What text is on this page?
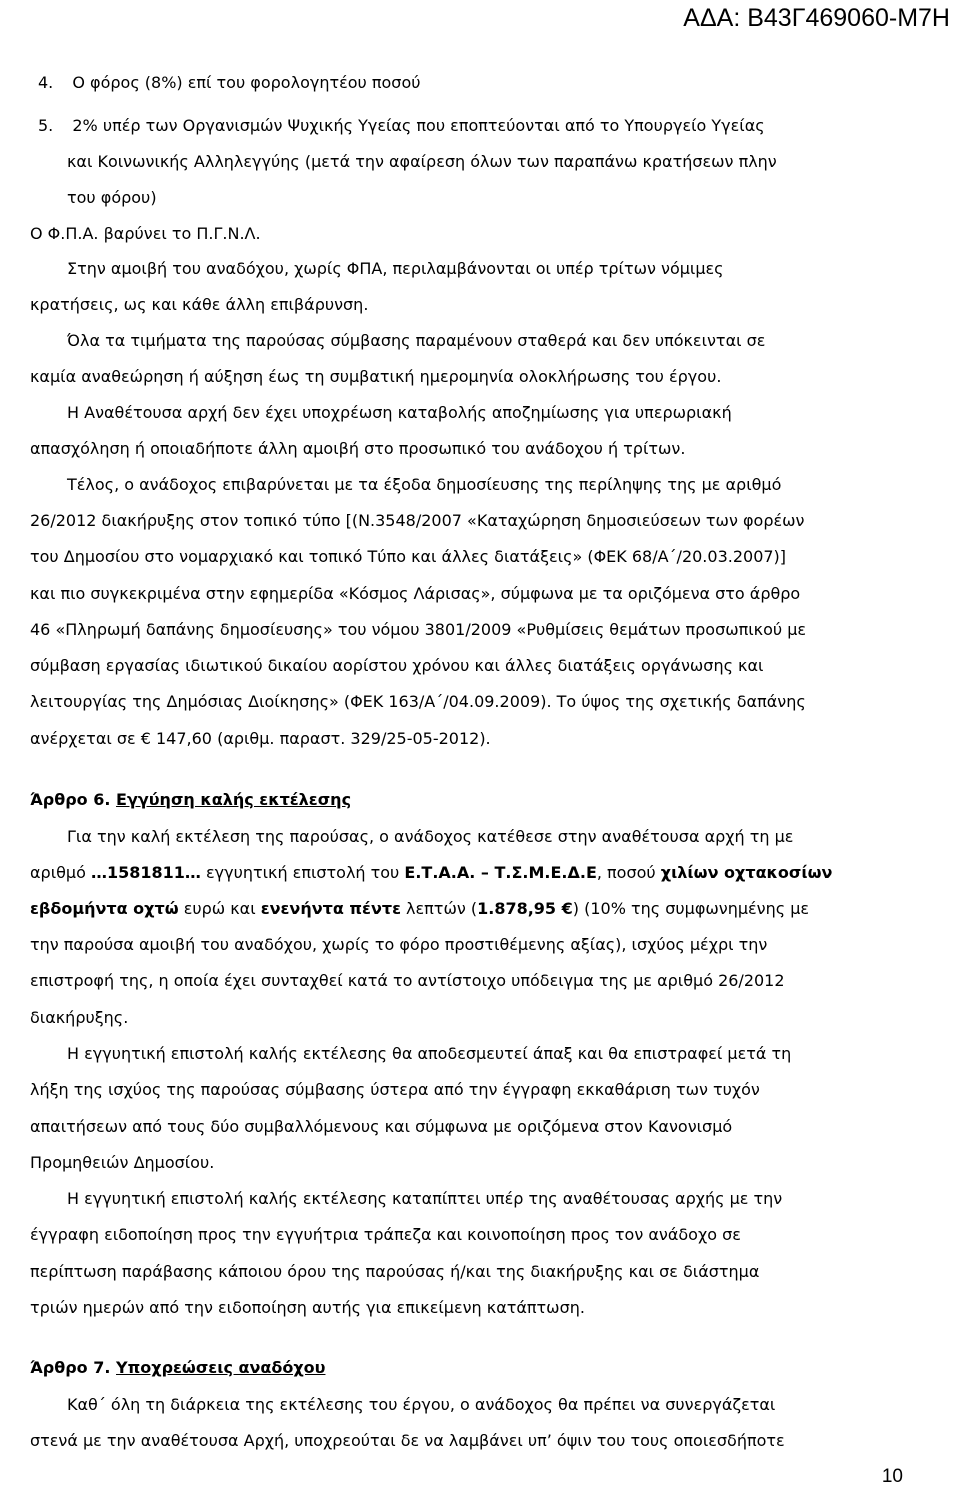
ΑΔΑ: Β43Γ469060-Μ7Η
4. Ο φόρος (8%) επί του φορολογητέου ποσού
5. 2% υπέρ των Οργανισμών Ψυχικής Υγείας που εποπτεύονται από το Υπουργείο Υγείας
και Κοινωνικής Αλληλεγγύης (μετά την αφαίρεση όλων των παραπάνω κρατήσεων πλην
του φόρου)
Ο Φ.Π.Α. βαρύνει το Π.Γ.Ν.Λ.
Στην αμοιβή του αναδόχου, χωρίς ΦΠΑ, περιλαμβάνονται οι υπέρ τρίτων νόμιμες
κρατήσεις, ως και κάθε άλλη επιβάρυνση.
Όλα τα τιμήματα της παρούσας σύμβασης παραμένουν σταθερά και δεν υπόκεινται σε
καμία αναθεώρηση ή αύξηση έως τη συμβατική ημερομηνία ολοκλήρωσης του έργου.
Η Αναθέτουσα αρχή δεν έχει υποχρέωση καταβολής αποζημίωσης για υπερωριακή
απασχόληση ή οποιαδήποτε άλλη αμοιβή στο προσωπικό του ανάδοχου ή τρίτων.
Τέλος, ο ανάδοχος επιβαρύνεται με τα έξοδα δημοσίευσης της περίληψης της με αριθμό
26/2012 διακήρυξης στον τοπικό τύπο [(Ν.3548/2007 «Καταχώρηση δημοσιεύσεων των φορέων
του Δημοσίου στο νομαρχιακό και τοπικό Τύπο και άλλες διατάξεις» (ΦΕΚ 68/Α΄/20.03.2007)]
και πιο συγκεκριμένα στην εφημερίδα «Κόσμος Λάρισας», σύμφωνα με τα οριζόμενα στο άρθρο
46 «Πληρωμή δαπάνης δημοσίευσης» του νόμου 3801/2009 «Ρυθμίσεις θεμάτων προσωπικού με
σύμβαση εργασίας ιδιωτικού δικαίου αορίστου χρόνου και άλλες διατάξεις οργάνωσης και
λειτουργίας της Δημόσιας Διοίκησης» (ΦΕΚ 163/Α΄/04.09.2009). Το ύψος της σχετικής δαπάνης
ανέρχεται σε € 147,60 (αριθμ. παραστ. 329/25-05-2012).
Άρθρο 6. Εγγύηση καλής εκτέλεσης
Για την καλή εκτέλεση της παρούσας, ο ανάδοχος κατέθεσε στην αναθέτουσα αρχή τη με
αριθμό …1581811… εγγυητική επιστολή του Ε.Τ.Α.Α. – Τ.Σ.Μ.Ε.Δ.Ε, ποσού χιλίων οχτακοσίων
εβδομήντα οχτώ ευρώ και ενενήντα πέντε λεπτών (1.878,95 €) (10% της συμφωνημένης με
την παρούσα αμοιβή του αναδόχου, χωρίς το φόρο προστιθέμενης αξίας), ισχύος μέχρι την
επιστροφή της, η οποία έχει συνταχθεί κατά το αντίστοιχο υπόδειγμα της με αριθμό 26/2012
διακήρυξης.
Η εγγυητική επιστολή καλής εκτέλεσης θα αποδεσμευτεί άπαξ και θα επιστραφεί μετά τη
λήξη της ισχύος της παρούσας σύμβασης ύστερα από την έγγραφη εκκαθάριση των τυχόν
απαιτήσεων από τους δύο συμβαλλόμενους και σύμφωνα με οριζόμενα στον Κανονισμό
Προμηθειών Δημοσίου.
Η εγγυητική επιστολή καλής εκτέλεσης καταπίπτει υπέρ της αναθέτουσας αρχής με την
έγγραφη ειδοποίηση προς την εγγυήτρια τράπεζα και κοινοποίηση προς τον ανάδοχο σε
περίπτωση παράβασης κάποιου όρου της παρούσας ή/και της διακήρυξης και σε διάστημα
τριών ημερών από την ειδοποίηση αυτής για επικείμενη κατάπτωση.
Άρθρο 7. Υποχρεώσεις αναδόχου
Καθ΄ όλη τη διάρκεια της εκτέλεσης του έργου, ο ανάδοχος θα πρέπει να συνεργάζεται
στενά με την αναθέτουσα Αρχή, υποχρεούται δε να λαμβάνει υπ’ όψιν του τους οποιεσδήποτε
10
